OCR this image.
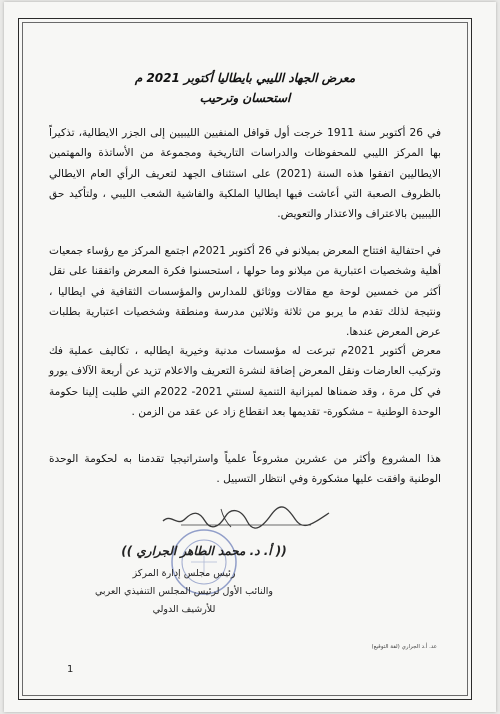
معرض الجهاد الليبي بايطاليا أكتوبر 2021 م
استحسان وترحيب
في 26 أكتوبر سنة 1911 خرجت أول قوافل المنفيين الليبيين إلى الجزر الايطالية، تذكيراً بها المركز الليبي للمحفوظات والدراسات التاريخية ومجموعة من الأساتذة والمهتمين الايطاليين اتفقوا هذه السنة (2021) على استئناف الجهد لتعريف الرأي العام الايطالي بالظروف الصعبة التي أعاشت فيها ايطاليا الملكية والفاشية الشعب الليبي ، ولتأكيد حق الليبيين بالاعتراف والاعتذار والتعويض.
في احتفالية افتتاح المعرض بميلانو في 26 أكتوبر 2021م اجتمع المركز مع رؤساء جمعيات أهلية وشخصيات اعتبارية من ميلانو وما حولها ، استحسنوا فكرة المعرض واتفقنا على نقل أكثر من خمسين لوحة مع مقالات ووثائق للمدارس والمؤسسات الثقافية في ايطاليا ، ونتيجة لذلك تقدم ما يربو من ثلاثة وثلاثين مدرسة ومنطقة وشخصيات اعتبارية بطلبات عرض المعرض عندها.
معرض أكتوبر 2021م تبرعت له مؤسسات مدنية وخيرية ايطاليه ، تكاليف عملية فك وتركيب العارضات ونقل المعرض إضافة لنشرة التعريف والاعلام تزيد عن أربعة الآلاف يورو في كل مرة ، وقد ضمناها لميزانية التنمية لسنتي 2021- 2022م التي طلبت إلينا حكومة الوحدة الوطنية – مشكورة- تقديمها بعد انقطاع زاد عن عقد من الزمن .
هذا المشروع وأكثر من عشرين مشروعاً علمياً واستراتيجيا تقدمنا به لحكومة الوحدة الوطنية وافقت عليها مشكورة وفي انتظار التسييل .
(( أ. د. محمد الطاهر الجراري ))
رئيس مجلس إدارة المركز
والنائب الأول لرئيس المجلس التنفيذي العربي
للأرشيف الدولي
عد. أ.د الجراري (لفة التوقيع)
1
